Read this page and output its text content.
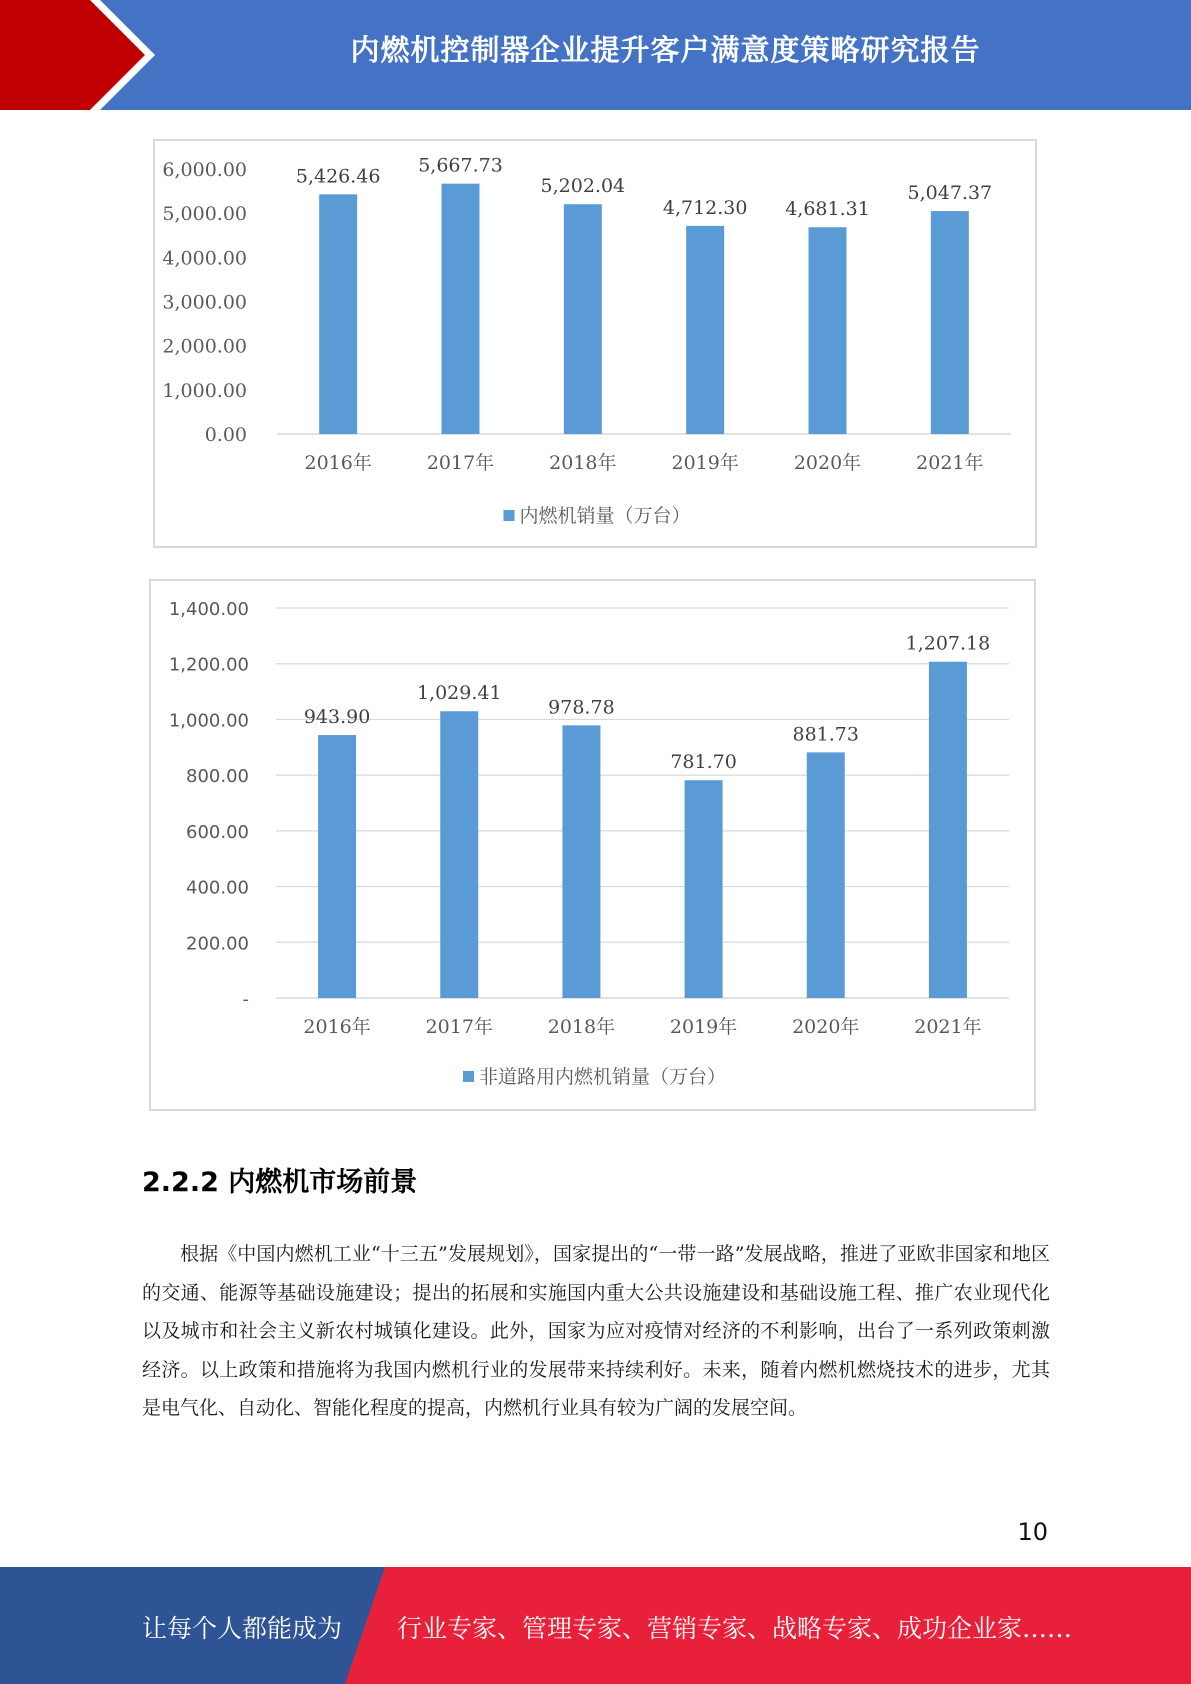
内燃机控制器企业提升客户满意度策略研究报告
6,000.00
5,000.00
4,000.00
3,000.00
2,000.00
1,000.00
0.00
5,426.46
2016年
5,667.73
2017年
5,202.04
2018年
4,712.30
2019年
4,681.31
2020年
5,047.37
2021年
内燃机销量（万台）
1,400.00
1,200.00
1,000.00
800.00
600.00
400.00
200.00
-
943.90
2016年
1,029.41
2017年
978.78
2018年
781.70
2019年
881.73
2020年
1,207.18
2021年
非道路用内燃机销量（万台）
2.2.2 内燃机市场前景
根据《中国内燃机工业“十三五”发展规划》，国家提出的“一带一路”发展战略，推进了亚欧非国家和地区的交通、能源等基础设施建设；提出的拓展和实施国内重大公共设施建设和基础设施工程、推广农业现代化以及城市和社会主义新农村城镇化建设。此外，国家为应对疫情对经济的不利影响，出台了一系列政策刺激经济。以上政策和措施将为我国内燃机行业的发展带来持续利好。未来，随着内燃机燃烧技术的进步，尤其是电气化、自动化、智能化程度的提高，内燃机行业具有较为广阔的发展空间。
10
让每个人都能成为 行业专家、管理专家、营销专家、战略专家、成功企业家……
